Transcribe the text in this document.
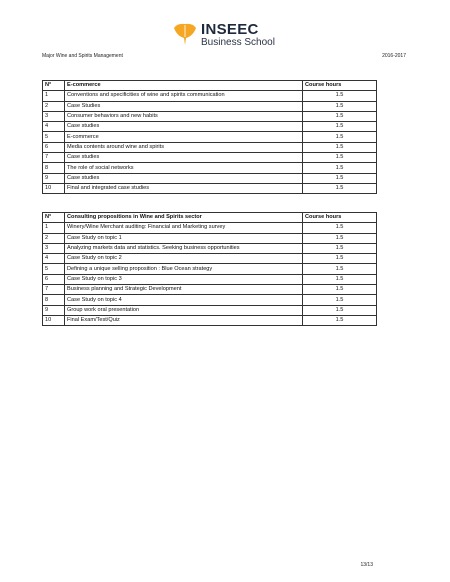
INSEEC
Business School
Major Wine and Spirits Management	2016-2017
N°	E-commerce	Course hours
1	Conventions and specificities of wine and spirits communication	1.5
2	Case Studies	1.5
3	Consumer behaviors and new habits	1.5
4	Case studies	1.5
5	E-commerce	1.5
6	Media contents around wine and spirits	1.5
7	Case studies	1.5
8	The role of social networks	1.5
9	Case studies	1.5
10	Final and integrated case studies	1.5
N°	Consulting propositions in Wine and Spirits sector	Course hours
1	Winery/Wine Merchant auditing: Financial and Marketing survey	1.5
2	Case Study on topic 1	1.5
3	Analyzing markets data and statistics. Seeking business opportunities	1.5
4	Case Study on topic 2	1.5
5	Defining a unique selling proposition : Blue Ocean strategy	1.5
6	Case Study on topic 3	1.5
7	Business planning and Strategic Development	1.5
8	Case Study on topic 4	1.5
9	Group work oral presentation	1.5
10	Final Exam/Test/Quiz	1.5
13/13
